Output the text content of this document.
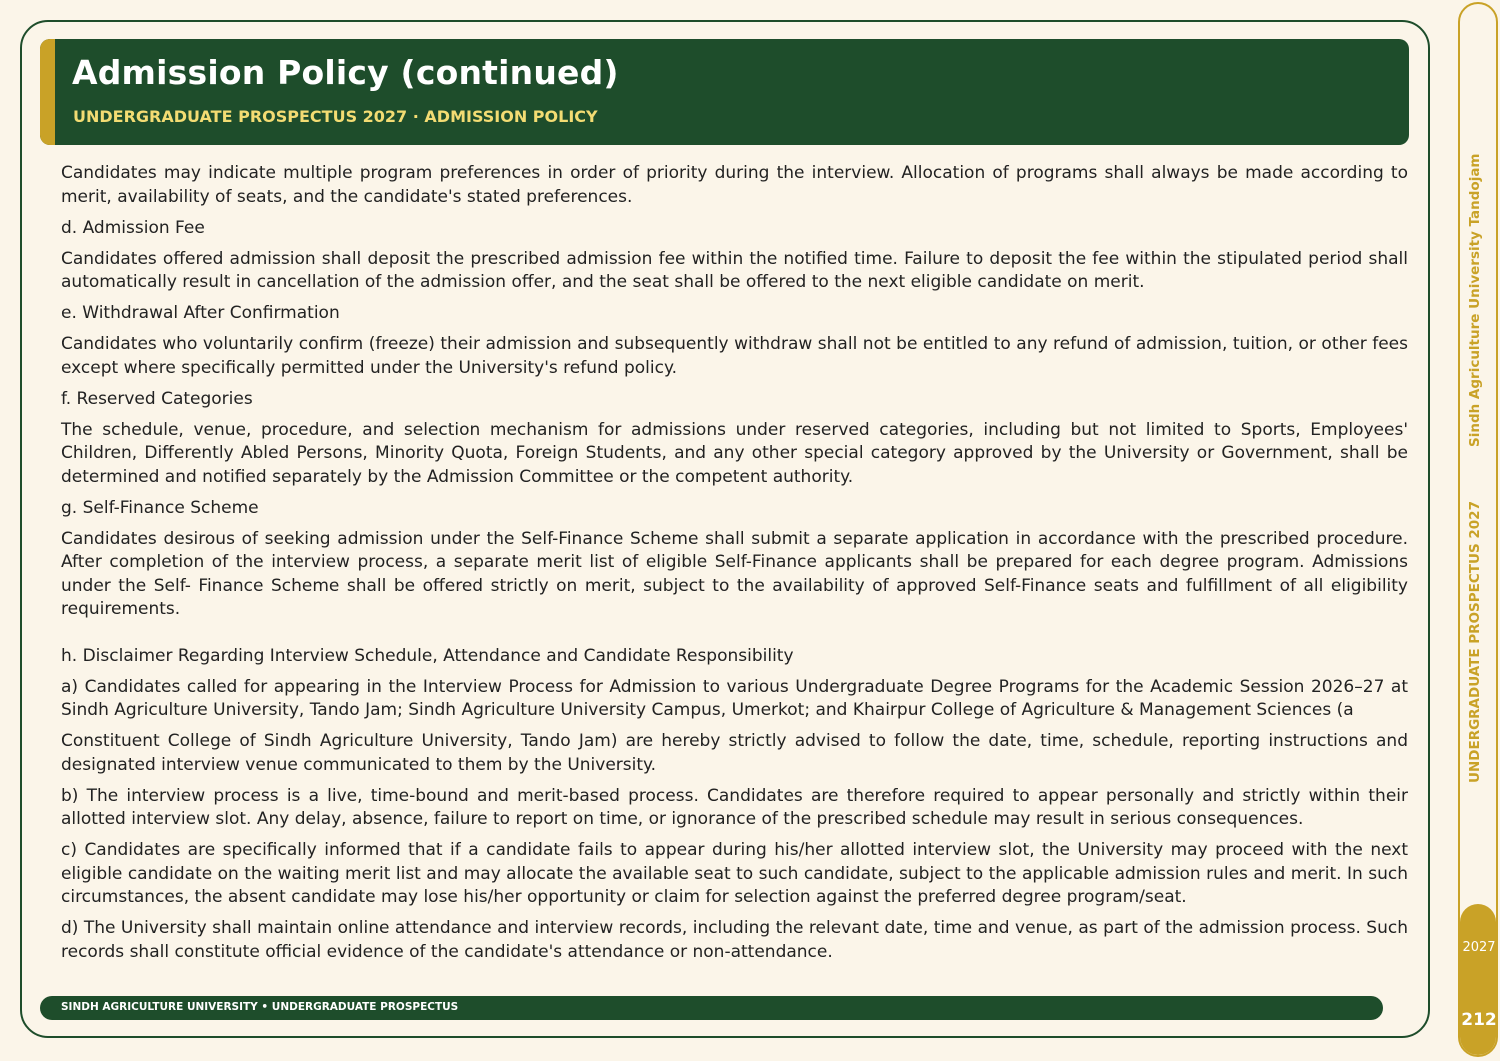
Admission Policy (continued)
UNDERGRADUATE PROSPECTUS 2027 · ADMISSION POLICY

Candidates may indicate multiple program preferences in order of priority during the interview. Allocation of programs shall always be made according to merit, availability of seats, and the candidate's stated preferences.

d. Admission Fee

Candidates offered admission shall deposit the prescribed admission fee within the notified time. Failure to deposit the fee within the stipulated period shall automatically result in cancellation of the admission offer, and the seat shall be offered to the next eligible candidate on merit.

e. Withdrawal After Confirmation

Candidates who voluntarily confirm (freeze) their admission and subsequently withdraw shall not be entitled to any refund of admission, tuition, or other fees except where specifically permitted under the University's refund policy.

f. Reserved Categories

The schedule, venue, procedure, and selection mechanism for admissions under reserved categories, including but not limited to Sports, Employees' Children, Differently Abled Persons, Minority Quota, Foreign Students, and any other special category approved by the University or Government, shall be determined and notified separately by the Admission Committee or the competent authority.

g. Self-Finance Scheme

Candidates desirous of seeking admission under the Self-Finance Scheme shall submit a separate application in accordance with the prescribed procedure. After completion of the interview process, a separate merit list of eligible Self-Finance applicants shall be prepared for each degree program. Admissions under the Self- Finance Scheme shall be offered strictly on merit, subject to the availability of approved Self-Finance seats and fulfillment of all eligibility requirements.

h. Disclaimer Regarding Interview Schedule, Attendance and Candidate Responsibility

a) Candidates called for appearing in the Interview Process for Admission to various Undergraduate Degree Programs for the Academic Session 2026–27 at Sindh Agriculture University, Tando Jam; Sindh Agriculture University Campus, Umerkot; and Khairpur College of Agriculture & Management Sciences (a

Constituent College of Sindh Agriculture University, Tando Jam) are hereby strictly advised to follow the date, time, schedule, reporting instructions and designated interview venue communicated to them by the University.

b) The interview process is a live, time-bound and merit-based process. Candidates are therefore required to appear personally and strictly within their allotted interview slot. Any delay, absence, failure to report on time, or ignorance of the prescribed schedule may result in serious consequences.

c) Candidates are specifically informed that if a candidate fails to appear during his/her allotted interview slot, the University may proceed with the next eligible candidate on the waiting merit list and may allocate the available seat to such candidate, subject to the applicable admission rules and merit. In such circumstances, the absent candidate may lose his/her opportunity or claim for selection against the preferred degree program/seat.

d) The University shall maintain online attendance and interview records, including the relevant date, time and venue, as part of the admission process. Such records shall constitute official evidence of the candidate's attendance or non-attendance.

SINDH AGRICULTURE UNIVERSITY • UNDERGRADUATE PROSPECTUS
UNDERGRADUATE PROSPECTUS 2027Sindh Agriculture University Tandojam
2027
212
